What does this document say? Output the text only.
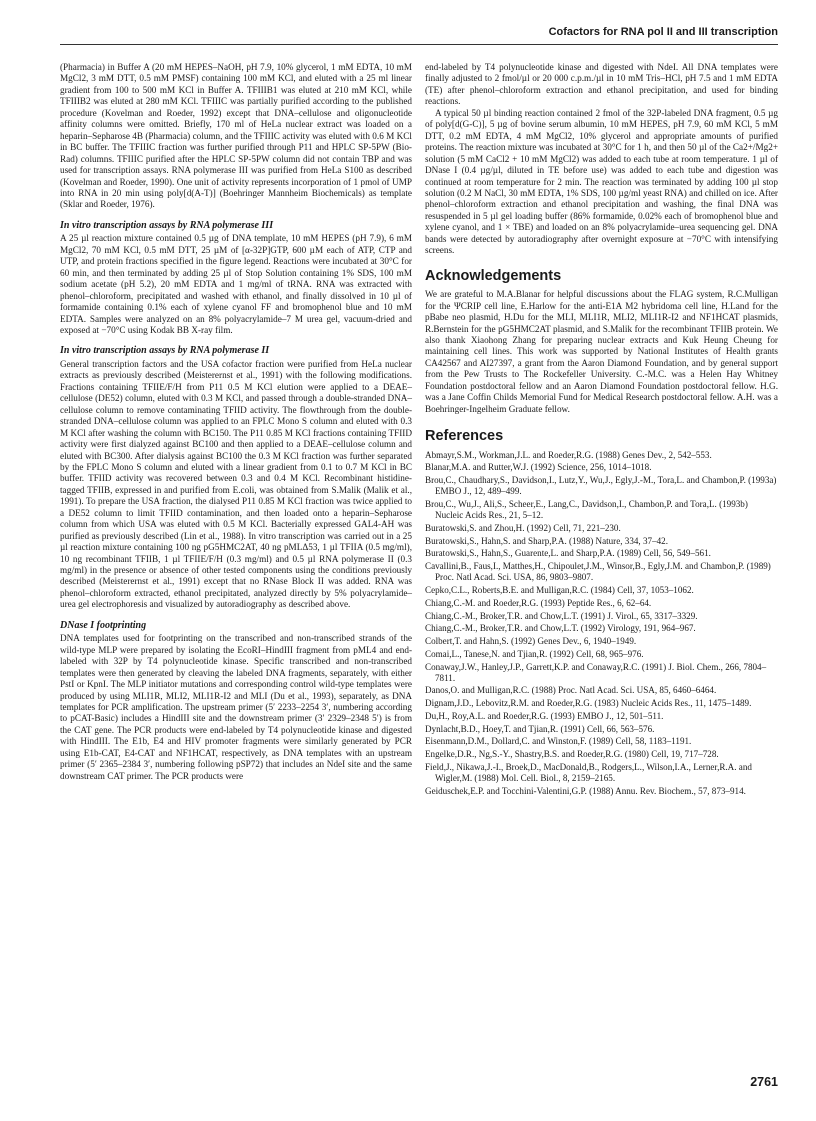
Cofactors for RNA pol II and III transcription

(Pharmacia) in Buffer A (20 mM HEPES–NaOH, pH 7.9, 10% glycerol, 1 mM EDTA, 10 mM MgCl2, 3 mM DTT, 0.5 mM PMSF) containing 100 mM KCl, and eluted with a 25 ml linear gradient from 100 to 500 mM KCl in Buffer A. TFIIIB1 was eluted at 210 mM KCl, while TFIIIB2 was eluted at 280 mM KCl. TFIIIC was partially purified according to the published procedure (Kovelman and Roeder, 1992) except that DNA–cellulose and oligonucleotide affinity columns were omitted. Briefly, 170 ml of HeLa nuclear extract was loaded on a heparin–Sepharose 4B (Pharmacia) column, and the TFIIIC activity was eluted with 0.6 M KCl in BC buffer. The TFIIIC fraction was further purified through P11 and HPLC SP-5PW (Bio-Rad) columns. TFIIIC purified after the HPLC SP-5PW column did not contain TBP and was used for transcription assays. RNA polymerase III was purified from HeLa S100 as described (Kovelman and Roeder, 1990). One unit of activity represents incorporation of 1 pmol of UMP into RNA in 20 min using poly[d(A-T)] (Boehringer Mannheim Biochemicals) as template (Sklar and Roeder, 1976).

In vitro transcription assays by RNA polymerase III

A 25 µl reaction mixture contained 0.5 µg of DNA template, 10 mM HEPES (pH 7.9), 6 mM MgCl2, 70 mM KCl, 0.5 mM DTT, 25 µM of [α-32P]GTP, 600 µM each of ATP, CTP and UTP, and protein fractions specified in the figure legend. Reactions were incubated at 30°C for 60 min, and then terminated by adding 25 µl of Stop Solution containing 1% SDS, 100 mM sodium acetate (pH 5.2), 20 mM EDTA and 1 mg/ml of tRNA. RNA was extracted with phenol–chloroform, precipitated and washed with ethanol, and finally dissolved in 10 µl of formamide containing 0.1% each of xylene cyanol FF and bromophenol blue and 10 mM EDTA. Samples were analyzed on an 8% polyacrylamide–7 M urea gel, vacuum-dried and exposed at −70°C using Kodak BB X-ray film.

In vitro transcription assays by RNA polymerase II

General transcription factors and the USA cofactor fraction were purified from HeLa nuclear extracts as previously described (Meisterernst et al., 1991) with the following modifications. Fractions containing TFIIE/F/H from P11 0.5 M KCl elution were applied to a DEAE–cellulose (DE52) column, eluted with 0.3 M KCl, and passed through a double-stranded DNA–cellulose column to remove contaminating TFIID activity. The flowthrough from the double-stranded DNA–cellulose column was applied to an FPLC Mono S column and eluted with 0.3 M KCl after washing the column with BC150. The P11 0.85 M KCl fractions containing TFIID activity were first dialyzed against BC100 and then applied to a DEAE–cellulose column and eluted with BC300. After dialysis against BC100 the 0.3 M KCl fraction was further separated by the FPLC Mono S column and eluted with a linear gradient from 0.1 to 0.7 M KCl in BC buffer. TFIID activity was recovered between 0.3 and 0.4 M KCl. Recombinant histidine-tagged TFIIB, expressed in and purified from E.coli, was obtained from S.Malik (Malik et al., 1991). To prepare the USA fraction, the dialysed P11 0.85 M KCl fraction was twice applied to a DE52 column to limit TFIID contamination, and then loaded onto a heparin–Sepharose column from which USA was eluted with 0.5 M KCl. Bacterially expressed GAL4-AH was purified as previously described (Lin et al., 1988). In vitro transcription was carried out in a 25 µl reaction mixture containing 100 ng pG5HMC2AT, 40 ng pMLΔ53, 1 µl TFIIA (0.5 mg/ml), 10 ng recombinant TFIIB, 1 µl TFIIE/F/H (0.3 mg/ml) and 0.5 µl RNA polymerase II (0.3 mg/ml) in the presence or absence of other tested components using the conditions previously described (Meisterernst et al., 1991) except that no RNase Block II was added. RNA was phenol–chloroform extracted, ethanol precipitated, analyzed directly by 5% polyacrylamide–urea gel electrophoresis and visualized by autoradiography as described above.

DNase I footprinting

DNA templates used for footprinting on the transcribed and non-transcribed strands of the wild-type MLP were prepared by isolating the EcoRI–HindIII fragment from pML4 and end-labeled with 32P by T4 polynucleotide kinase. Specific transcribed and non-transcribed templates were then generated by cleaving the labeled DNA fragments, separately, with either PstI or KpnI. The MLP initiator mutations and corresponding control wild-type templates were produced by using MLI1R, MLI2, MLI1R-I2 and MLI (Du et al., 1993), separately, as DNA templates for PCR amplification. The upstream primer (5′ 2233–2254 3′, numbering according to pCAT-Basic) includes a HindIII site and the downstream primer (3′ 2329–2348 5′) is from the CAT gene. The PCR products were end-labeled by T4 polynucleotide kinase and digested with HindIII. The E1b, E4 and HIV promoter fragments were similarly generated by PCR using E1b-CAT, E4-CAT and NF1HCAT, respectively, as DNA templates with an upstream primer (5′ 2365–2384 3′, numbering following pSP72) that includes an NdeI site and the same downstream CAT primer. The PCR products were

end-labeled by T4 polynucleotide kinase and digested with NdeI. All DNA templates were finally adjusted to 2 fmol/µl or 20 000 c.p.m./µl in 10 mM Tris–HCl, pH 7.5 and 1 mM EDTA (TE) after phenol–chloroform extraction and ethanol precipitation, and used for binding reactions.

A typical 50 µl binding reaction contained 2 fmol of the 32P-labeled DNA fragment, 0.5 µg of poly[d(G-C)], 5 µg of bovine serum albumin, 10 mM HEPES, pH 7.9, 60 mM KCl, 5 mM DTT, 0.2 mM EDTA, 4 mM MgCl2, 10% glycerol and appropriate amounts of purified proteins. The reaction mixture was incubated at 30°C for 1 h, and then 50 µl of the Ca2+/Mg2+ solution (5 mM CaCl2 + 10 mM MgCl2) was added to each tube at room temperature. 1 µl of DNase I (0.4 µg/µl, diluted in TE before use) was added to each tube and digestion was continued at room temperature for 2 min. The reaction was terminated by adding 100 µl stop solution (0.2 M NaCl, 30 mM EDTA, 1% SDS, 100 µg/ml yeast RNA) and chilled on ice. After phenol–chloroform extraction and ethanol precipitation and washing, the final DNA was resuspended in 5 µl gel loading buffer (86% formamide, 0.02% each of bromophenol blue and xylene cyanol, and 1 × TBE) and loaded on an 8% polyacrylamide–urea sequencing gel. DNA bands were detected by autoradiography after overnight exposure at −70°C with intensifying screens.

Acknowledgements

We are grateful to M.A.Blanar for helpful discussions about the FLAG system, R.C.Mulligan for the ΨCRIP cell line, E.Harlow for the anti-E1A M2 hybridoma cell line, H.Land for the pBabe neo plasmid, H.Du for the MLI, MLI1R, MLI2, MLI1R-I2 and NF1HCAT plasmids, R.Bernstein for the pG5HMC2AT plasmid, and S.Malik for the recombinant TFIIB protein. We also thank Xiaohong Zhang for preparing nuclear extracts and Kuk Heung Cheung for maintaining cell lines. This work was supported by National Institutes of Health grants CA42567 and AI27397, a grant from the Aaron Diamond Foundation, and by general support from the Pew Trusts to The Rockefeller University. C.-M.C. was a Helen Hay Whitney Foundation postdoctoral fellow and an Aaron Diamond Foundation postdoctoral fellow. H.G. was a Jane Coffin Childs Memorial Fund for Medical Research postdoctoral fellow. A.H. was a Boehringer-Ingelheim Graduate fellow.

References
Abmayr,S.M., Workman,J.L. and Roeder,R.G. (1988) Genes Dev., 2, 542–553.
Blanar,M.A. and Rutter,W.J. (1992) Science, 256, 1014–1018.
Brou,C., Chaudhary,S., Davidson,I., Lutz,Y., Wu,J., Egly,J.-M., Tora,L. and Chambon,P. (1993a) EMBO J., 12, 489–499.
Brou,C., Wu,J., Ali,S., Scheer,E., Lang,C., Davidson,I., Chambon,P. and Tora,L. (1993b) Nucleic Acids Res., 21, 5–12.
Buratowski,S. and Zhou,H. (1992) Cell, 71, 221–230.
Buratowski,S., Hahn,S. and Sharp,P.A. (1988) Nature, 334, 37–42.
Buratowski,S., Hahn,S., Guarente,L. and Sharp,P.A. (1989) Cell, 56, 549–561.
Cavallini,B., Faus,I., Matthes,H., Chipoulet,J.M., Winsor,B., Egly,J.M. and Chambon,P. (1989) Proc. Natl Acad. Sci. USA, 86, 9803–9807.
Cepko,C.L., Roberts,B.E. and Mulligan,R.C. (1984) Cell, 37, 1053–1062.
Chiang,C.-M. and Roeder,R.G. (1993) Peptide Res., 6, 62–64.
Chiang,C.-M., Broker,T.R. and Chow,L.T. (1991) J. Virol., 65, 3317–3329.
Chiang,C.-M., Broker,T.R. and Chow,L.T. (1992) Virology, 191, 964–967.
Colbert,T. and Hahn,S. (1992) Genes Dev., 6, 1940–1949.
Comai,L., Tanese,N. and Tjian,R. (1992) Cell, 68, 965–976.
Conaway,J.W., Hanley,J.P., Garrett,K.P. and Conaway,R.C. (1991) J. Biol. Chem., 266, 7804–7811.
Danos,O. and Mulligan,R.C. (1988) Proc. Natl Acad. Sci. USA, 85, 6460–6464.
Dignam,J.D., Lebovitz,R.M. and Roeder,R.G. (1983) Nucleic Acids Res., 11, 1475–1489.
Du,H., Roy,A.L. and Roeder,R.G. (1993) EMBO J., 12, 501–511.
Dynlacht,B.D., Hoey,T. and Tjian,R. (1991) Cell, 66, 563–576.
Eisenmann,D.M., Dollard,C. and Winston,F. (1989) Cell, 58, 1183–1191.
Engelke,D.R., Ng,S.-Y., Shastry,B.S. and Roeder,R.G. (1980) Cell, 19, 717–728.
Field,J., Nikawa,J.-I., Broek,D., MacDonald,B., Rodgers,L., Wilson,I.A., Lerner,R.A. and Wigler,M. (1988) Mol. Cell. Biol., 8, 2159–2165.
Geiduschek,E.P. and Tocchini-Valentini,G.P. (1988) Annu. Rev. Biochem., 57, 873–914.
2761
